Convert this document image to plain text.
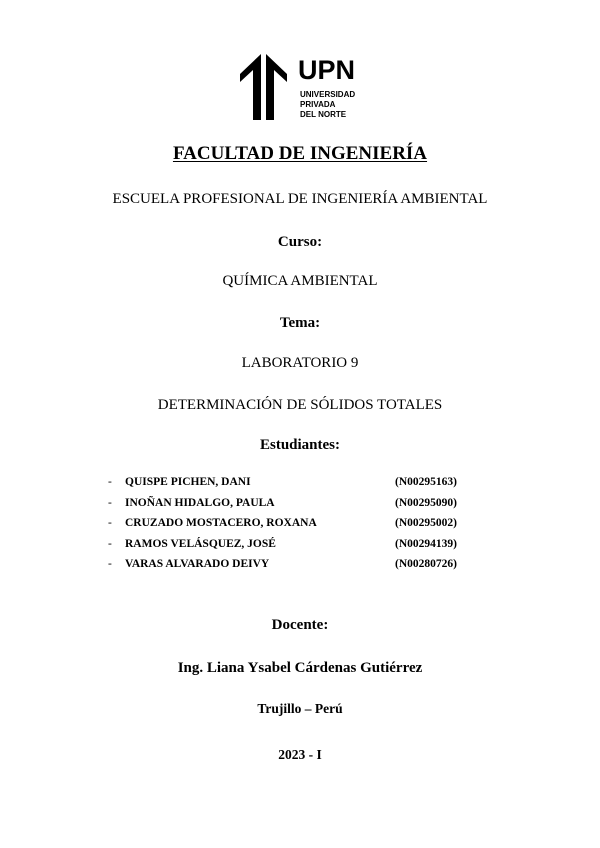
UPN
UNIVERSIDAD
PRIVADA
DEL NORTE
FACULTAD DE INGENIERÍA
ESCUELA PROFESIONAL DE INGENIERÍA AMBIENTAL
Curso:
QUÍMICA AMBIENTAL
Tema:
LABORATORIO 9
DETERMINACIÓN DE SÓLIDOS TOTALES
Estudiantes:
- QUISPE PICHEN, DANI	(N00295163)
- INOÑAN HIDALGO, PAULA	(N00295090)
- CRUZADO MOSTACERO, ROXANA	(N00295002)
- RAMOS VELÁSQUEZ, JOSÉ	(N00294139)
- VARAS ALVARADO DEIVY	(N00280726)
Docente:
Ing. Liana Ysabel Cárdenas Gutiérrez
Trujillo – Perú
2023 - I
